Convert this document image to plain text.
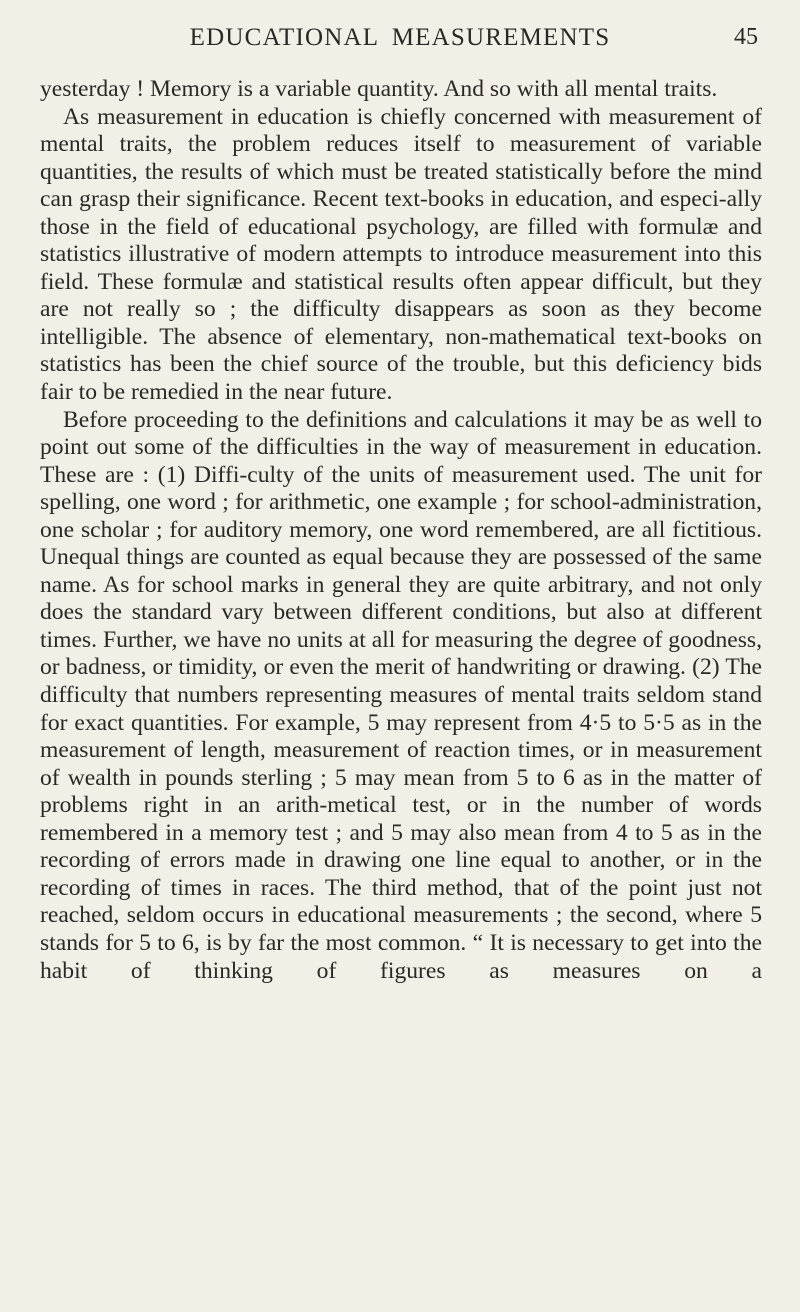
EDUCATIONAL MEASUREMENTS	45

yesterday ! Memory is a variable quantity. And so with all mental traits.

As measurement in education is chiefly concerned with measurement of mental traits, the problem reduces itself to measurement of variable quantities, the results of which must be treated statistically before the mind can grasp their significance. Recent text-books in education, and especi-ally those in the field of educational psychology, are filled with formulæ and statistics illustrative of modern attempts to introduce measurement into this field. These formulæ and statistical results often appear difficult, but they are not really so ; the difficulty disappears as soon as they become intelligible. The absence of elementary, non-mathematical text-books on statistics has been the chief source of the trouble, but this deficiency bids fair to be remedied in the near future.

Before proceeding to the definitions and calculations it may be as well to point out some of the difficulties in the way of measurement in education. These are : (1) Diffi-culty of the units of measurement used. The unit for spelling, one word ; for arithmetic, one example ; for school-administration, one scholar ; for auditory memory, one word remembered, are all fictitious. Unequal things are counted as equal because they are possessed of the same name. As for school marks in general they are quite arbitrary, and not only does the standard vary between different conditions, but also at different times. Further, we have no units at all for measuring the degree of goodness, or badness, or timidity, or even the merit of handwriting or drawing. (2) The difficulty that numbers representing measures of mental traits seldom stand for exact quantities. For example, 5 may represent from 4·5 to 5·5 as in the measurement of length, measurement of reaction times, or in measurement of wealth in pounds sterling ; 5 may mean from 5 to 6 as in the matter of problems right in an arith-metical test, or in the number of words remembered in a memory test ; and 5 may also mean from 4 to 5 as in the recording of errors made in drawing one line equal to another, or in the recording of times in races. The third method, that of the point just not reached, seldom occurs in educational measurements ; the second, where 5 stands for 5 to 6, is by far the most common. “ It is necessary to get into the habit of thinking of figures as measures on a
